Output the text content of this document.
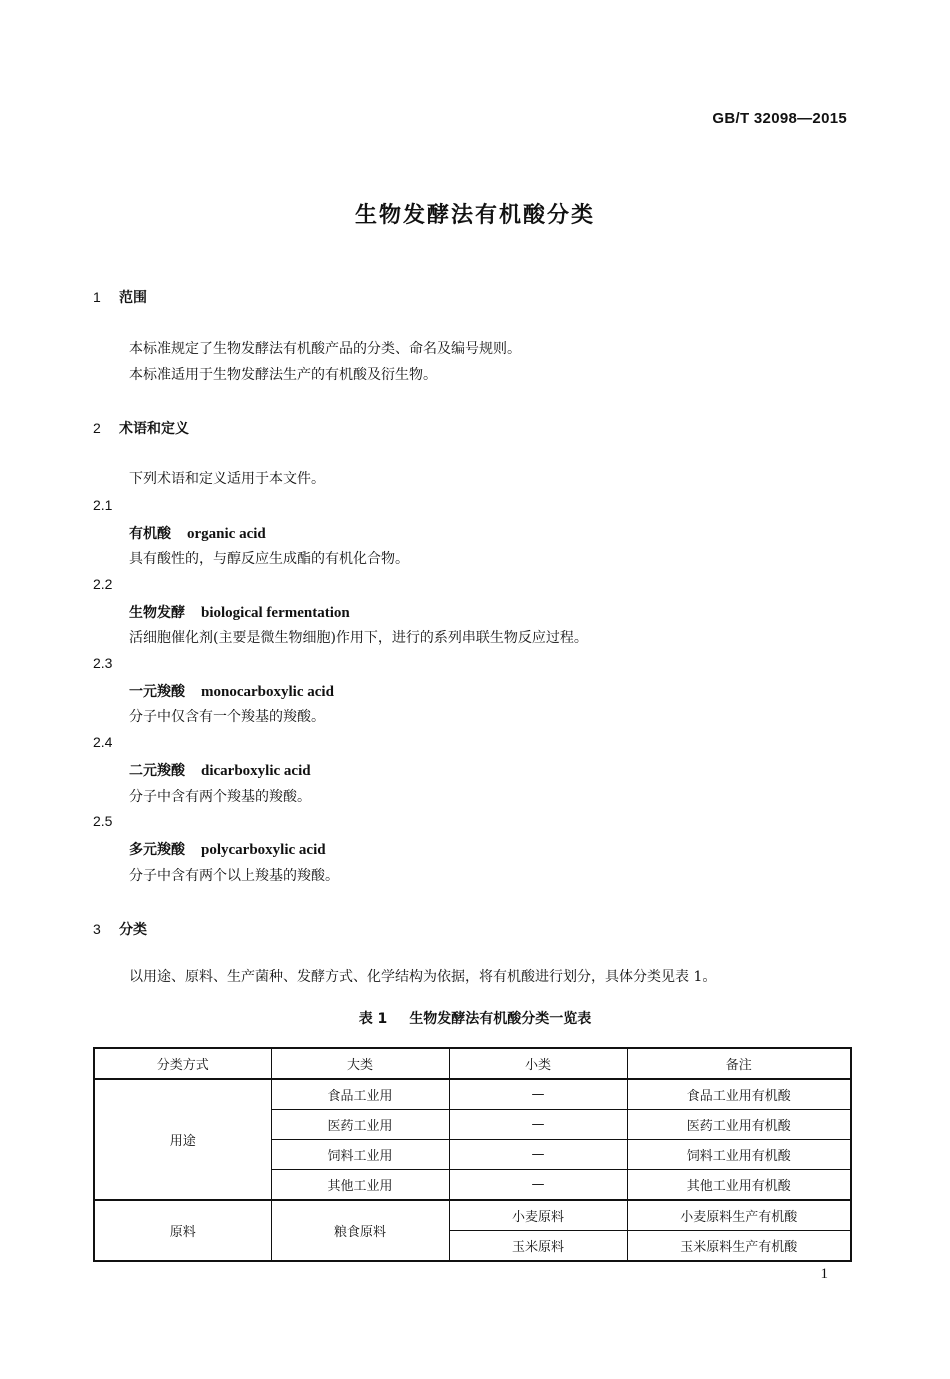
GB/T 32098—2015
生物发酵法有机酸分类
1 范围
本标准规定了生物发酵法有机酸产品的分类、命名及编号规则。
本标准适用于生物发酵法生产的有机酸及衍生物。
2 术语和定义
下列术语和定义适用于本文件。
2.1
有机酸 organic acid
具有酸性的，与醇反应生成酯的有机化合物。
2.2
生物发酵 biological fermentation
活细胞催化剂(主要是微生物细胞)作用下，进行的系列串联生物反应过程。
2.3
一元羧酸 monocarboxylic acid
分子中仅含有一个羧基的羧酸。
2.4
二元羧酸 dicarboxylic acid
分子中含有两个羧基的羧酸。
2.5
多元羧酸 polycarboxylic acid
分子中含有两个以上羧基的羧酸。
3 分类
以用途、原料、生产菌种、发酵方式、化学结构为依据，将有机酸进行划分，具体分类见表 1。
表 1 生物发酵法有机酸分类一览表
分类方式	大类	小类	备注
用途	食品工业用	—	食品工业用有机酸
	医药工业用	—	医药工业用有机酸
	饲料工业用	—	饲料工业用有机酸
	其他工业用	—	其他工业用有机酸
原料	粮食原料	小麦原料	小麦原料生产有机酸
		玉米原料	玉米原料生产有机酸
1
